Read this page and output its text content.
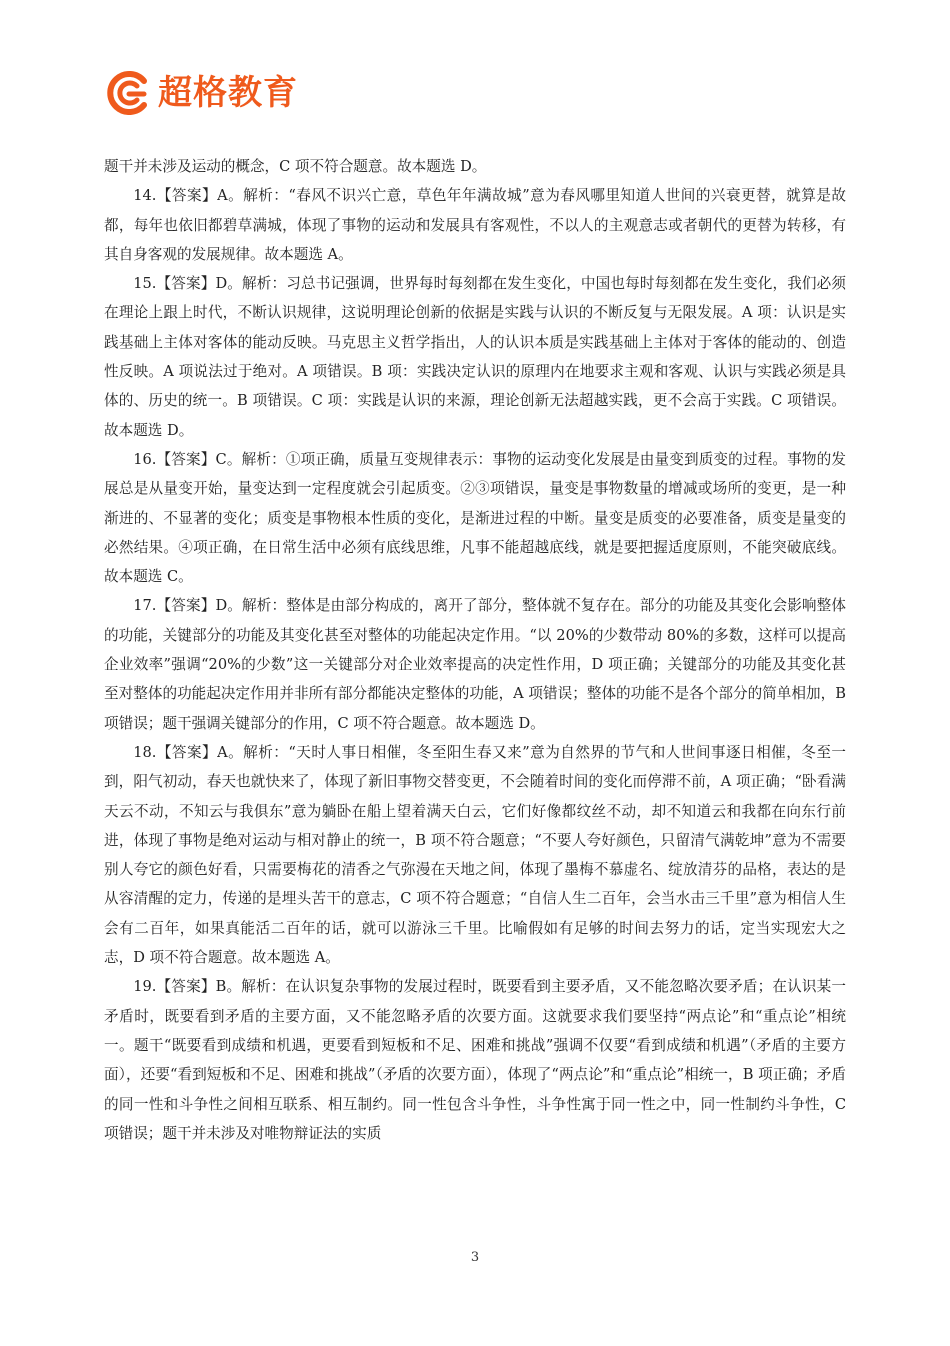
超格教育

题干并未涉及运动的概念，C 项不符合题意。故本题选 D。

14.【答案】A。解析：“春风不识兴亡意，草色年年满故城”意为春风哪里知道人世间的兴衰更替，就算是故都，每年也依旧都碧草满城，体现了事物的运动和发展具有客观性，不以人的主观意志或者朝代的更替为转移，有其自身客观的发展规律。故本题选 A。

15.【答案】D。解析：习总书记强调，世界每时每刻都在发生变化，中国也每时每刻都在发生变化，我们必须在理论上跟上时代，不断认识规律，这说明理论创新的依据是实践与认识的不断反复与无限发展。A 项：认识是实践基础上主体对客体的能动反映。马克思主义哲学指出，人的认识本质是实践基础上主体对于客体的能动的、创造性反映。A 项说法过于绝对。A 项错误。B 项：实践决定认识的原理内在地要求主观和客观、认识与实践必须是具体的、历史的统一。B 项错误。C 项：实践是认识的来源，理论创新无法超越实践，更不会高于实践。C 项错误。故本题选 D。

16.【答案】C。解析：①项正确，质量互变规律表示：事物的运动变化发展是由量变到质变的过程。事物的发展总是从量变开始，量变达到一定程度就会引起质变。②③项错误，量变是事物数量的增减或场所的变更，是一种渐进的、不显著的变化；质变是事物根本性质的变化，是渐进过程的中断。量变是质变的必要准备，质变是量变的必然结果。④项正确，在日常生活中必须有底线思维，凡事不能超越底线，就是要把握适度原则，不能突破底线。故本题选 C。

17.【答案】D。解析：整体是由部分构成的，离开了部分，整体就不复存在。部分的功能及其变化会影响整体的功能，关键部分的功能及其变化甚至对整体的功能起决定作用。“以 20%的少数带动 80%的多数，这样可以提高企业效率”强调“20%的少数”这一关键部分对企业效率提高的决定性作用，D 项正确；关键部分的功能及其变化甚至对整体的功能起决定作用并非所有部分都能决定整体的功能，A 项错误；整体的功能不是各个部分的简单相加，B 项错误；题干强调关键部分的作用，C 项不符合题意。故本题选 D。

18.【答案】A。解析：“天时人事日相催，冬至阳生春又来”意为自然界的节气和人世间事逐日相催，冬至一到，阳气初动，春天也就快来了，体现了新旧事物交替变更，不会随着时间的变化而停滞不前，A 项正确；“卧看满天云不动，不知云与我俱东”意为躺卧在船上望着满天白云，它们好像都纹丝不动，却不知道云和我都在向东行前进，体现了事物是绝对运动与相对静止的统一，B 项不符合题意；“不要人夸好颜色，只留清气满乾坤”意为不需要别人夸它的颜色好看，只需要梅花的清香之气弥漫在天地之间，体现了墨梅不慕虚名、绽放清芬的品格，表达的是从容清醒的定力，传递的是埋头苦干的意志，C 项不符合题意；“自信人生二百年，会当水击三千里”意为相信人生会有二百年，如果真能活二百年的话，就可以游泳三千里。比喻假如有足够的时间去努力的话，定当实现宏大之志，D 项不符合题意。故本题选 A。

19.【答案】B。解析：在认识复杂事物的发展过程时，既要看到主要矛盾，又不能忽略次要矛盾；在认识某一矛盾时，既要看到矛盾的主要方面，又不能忽略矛盾的次要方面。这就要求我们要坚持“两点论”和“重点论”相统一。题干“既要看到成绩和机遇，更要看到短板和不足、困难和挑战”强调不仅要“看到成绩和机遇”（矛盾的主要方面），还要“看到短板和不足、困难和挑战”（矛盾的次要方面），体现了“两点论”和“重点论”相统一，B 项正确；矛盾的同一性和斗争性之间相互联系、相互制约。同一性包含斗争性，斗争性寓于同一性之中，同一性制约斗争性，C 项错误；题干并未涉及对唯物辩证法的实质

3
